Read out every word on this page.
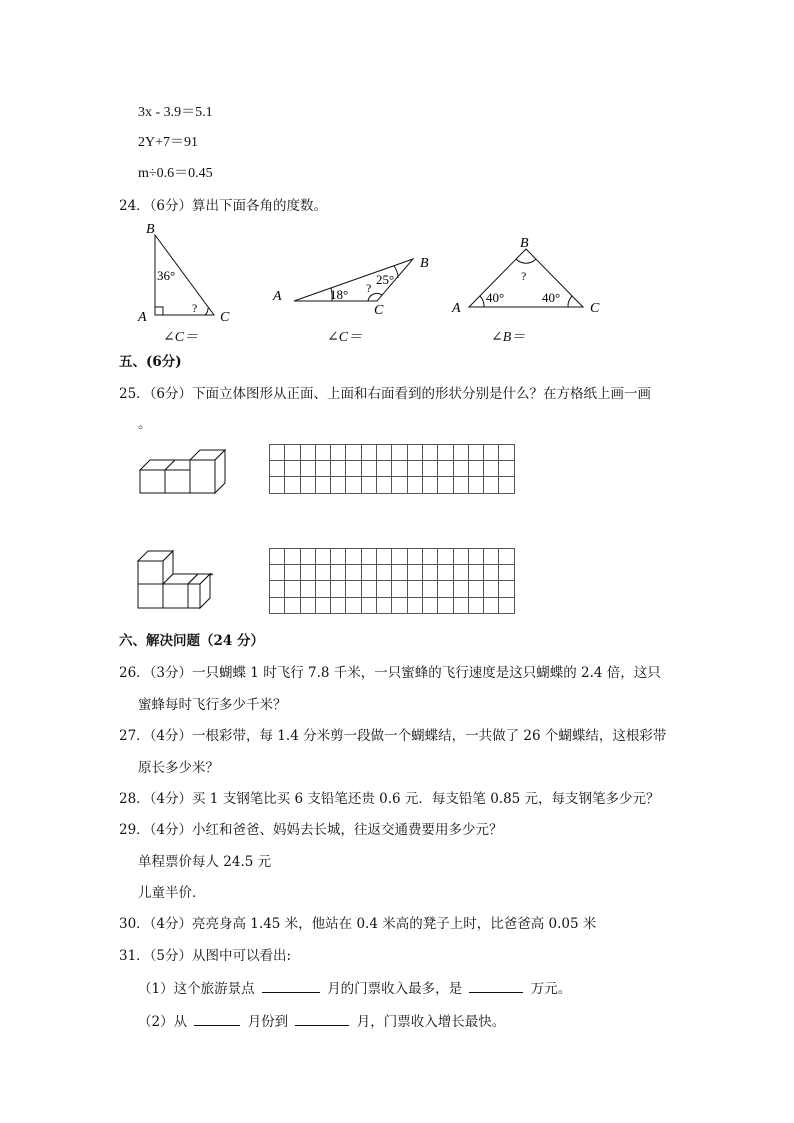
3x - 3.9＝5.1
2Y+7＝91
m÷0.6＝0.45
24．（6分）算出下面各角的度数。
B
A	C
36°
?
A
B
C
18°
25°
?
B
A	C
?
40°	40°
∠C＝	∠C＝	∠B＝
五、(6分)
25．（6分）下面立体图形从正面、上面和右面看到的形状分别是什么？在方格纸上画一画
。

六、解决问题（24 分）
26．（3分）一只蝴蝶 1 时飞行 7.8 千米，一只蜜蜂的飞行速度是这只蝴蝶的 2.4 倍，这只
蜜蜂每时飞行多少千米？
27．（4分）一根彩带，每 1.4 分米剪一段做一个蝴蝶结，一共做了 26 个蝴蝶结，这根彩带
原长多少米？
28．（4分）买 1 支钢笔比买 6 支铅笔还贵 0.6 元．每支铅笔 0.85 元，每支钢笔多少元？
29．（4分）小红和爸爸、妈妈去长城，往返交通费要用多少元？
单程票价每人 24.5 元
儿童半价．
30．（4分）亮亮身高 1.45 米，他站在 0.4 米高的凳子上时，比爸爸高 0.05 米
31．（5分）从图中可以看出:
（1）这个旅游景点	月的门票收入最多，是	万元。
（2）从	月份到	月，门票收入增长最快。
